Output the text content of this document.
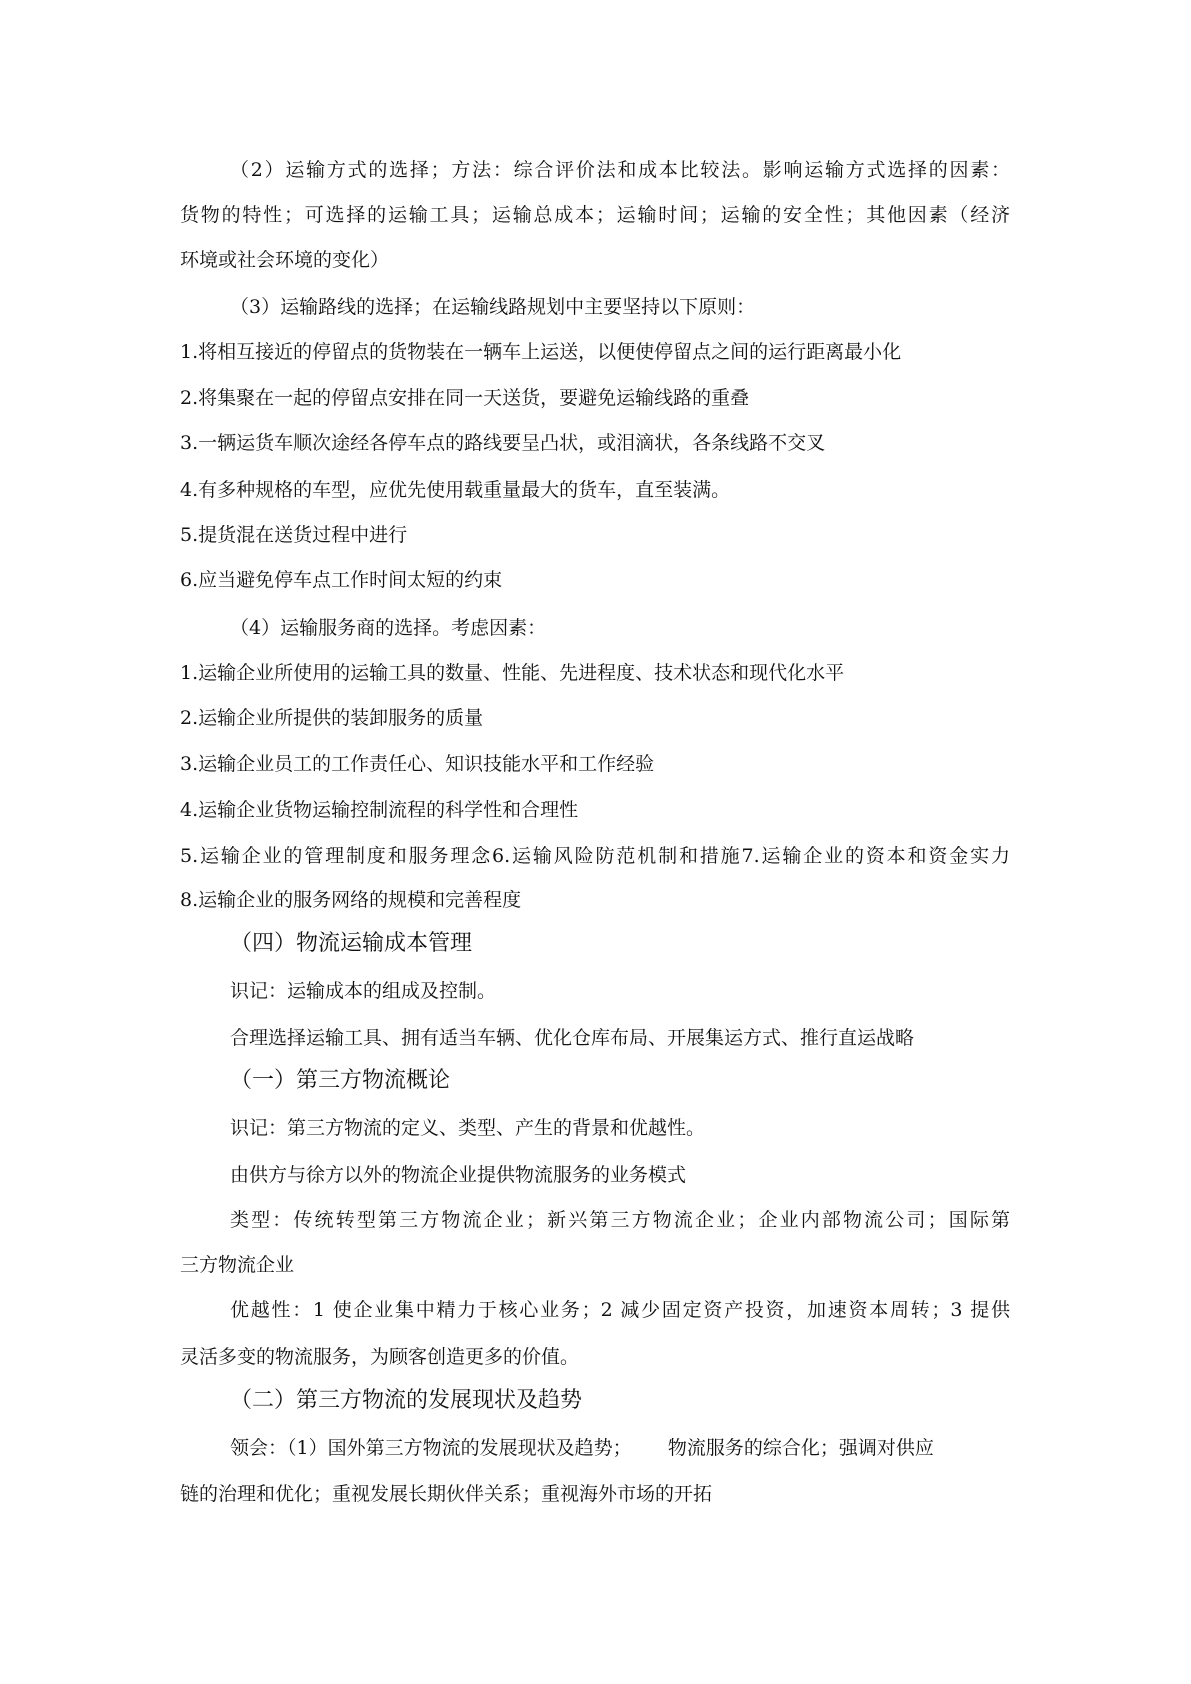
（2）运输方式的选择；方法：综合评价法和成本比较法。影响运输方式选择的因素：
货物的特性；可选择的运输工具；运输总成本；运输时间；运输的安全性；其他因素（经济
环境或社会环境的变化）
（3）运输路线的选择；在运输线路规划中主要坚持以下原则：
1.将相互接近的停留点的货物装在一辆车上运送，以便使停留点之间的运行距离最小化
2.将集聚在一起的停留点安排在同一天送货，要避免运输线路的重叠
3.一辆运货车顺次途经各停车点的路线要呈凸状，或泪滴状，各条线路不交叉
4.有多种规格的车型，应优先使用载重量最大的货车，直至装满。
5.提货混在送货过程中进行
6.应当避免停车点工作时间太短的约束
（4）运输服务商的选择。考虑因素：
1.运输企业所使用的运输工具的数量、性能、先进程度、技术状态和现代化水平
2.运输企业所提供的装卸服务的质量
3.运输企业员工的工作责任心、知识技能水平和工作经验
4.运输企业货物运输控制流程的科学性和合理性
5.运输企业的管理制度和服务理念6.运输风险防范机制和措施7.运输企业的资本和资金实力
8.运输企业的服务网络的规模和完善程度
（四）物流运输成本管理
识记：运输成本的组成及控制。
合理选择运输工具、拥有适当车辆、优化仓库布局、开展集运方式、推行直运战略
（一）第三方物流概论
识记：第三方物流的定义、类型、产生的背景和优越性。
由供方与徐方以外的物流企业提供物流服务的业务模式
类型：传统转型第三方物流企业；新兴第三方物流企业；企业内部物流公司；国际第
三方物流企业
优越性：1 使企业集中精力于核心业务；2 减少固定资产投资，加速资本周转；3 提供
灵活多变的物流服务，为顾客创造更多的价值。
（二）第三方物流的发展现状及趋势
领会：（1）国外第三方物流的发展现状及趋势；      物流服务的综合化；强调对供应
链的治理和优化；重视发展长期伙伴关系；重视海外市场的开拓
